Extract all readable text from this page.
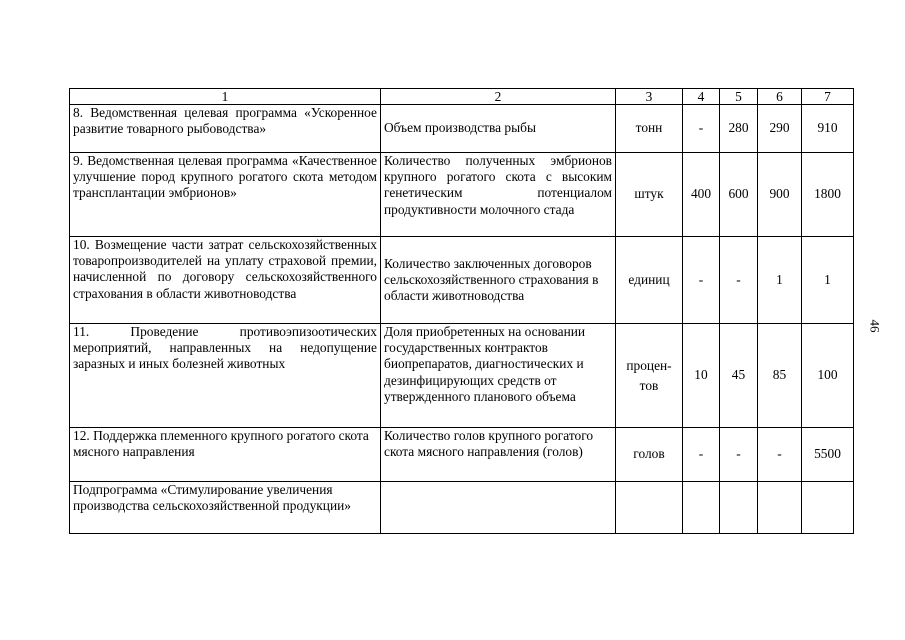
46
1	2	3	4	5	6	7
8. Ведомственная целевая программа «Ускоренное развитие товарного рыбоводства»	Объем производства рыбы	тонн	-	280	290	910
9. Ведомственная целевая программа «Качественное улучшение пород крупного рогатого скота методом трансплантации эмбрионов»	Количество полученных эмбрионов крупного рогатого скота с высоким генетическим потенциалом продуктивности молочного стада	штук	400	600	900	1800
10. Возмещение части затрат сельскохозяйственных товаропроизводителей на уплату страховой премии, начисленной по договору сельскохозяйственного страхования в области животноводства	Количество заключенных договоров сельскохозяйственного страхования в области животноводства	единиц	-	-	1	1
11. Проведение противоэпизоотических мероприятий, направленных на недопущение заразных и иных болезней животных	Доля приобретенных на основании государственных контрактов биопрепаратов, диагностических и дезинфицирующих средств от утвержденного планового объема	процен-тов	10	45	85	100
12. Поддержка племенного крупного рогатого скота мясного направления	Количество голов крупного рогатого скота мясного направления (голов)	голов	-	-	-	5500
Подпрограмма «Стимулирование увеличения производства сельскохозяйственной продукции»						
